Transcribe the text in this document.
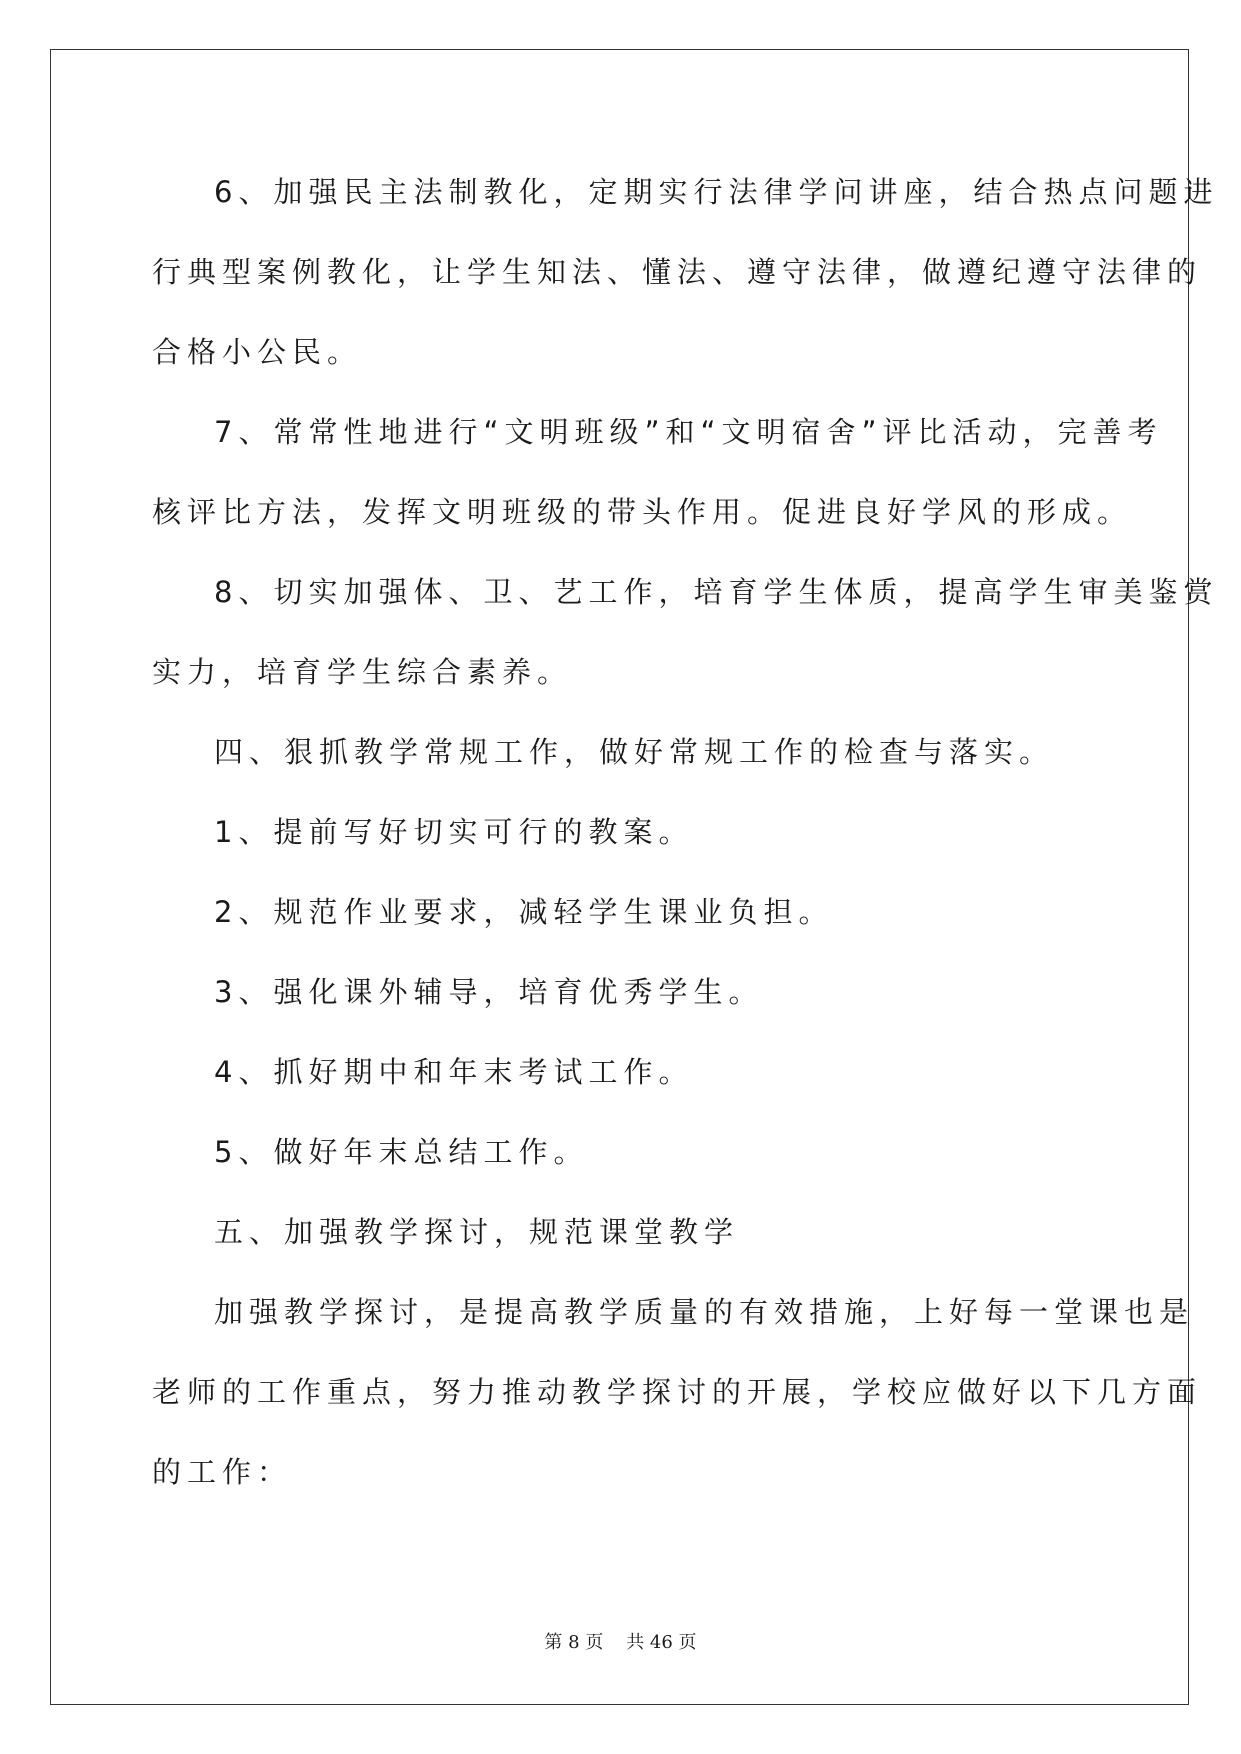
6、加强民主法制教化，定期实行法律学问讲座，结合热点问题进
行典型案例教化，让学生知法、懂法、遵守法律，做遵纪遵守法律的
合格小公民。
7、常常性地进行“文明班级”和“文明宿舍”评比活动，完善考
核评比方法，发挥文明班级的带头作用。促进良好学风的形成。
8、切实加强体、卫、艺工作，培育学生体质，提高学生审美鉴赏
实力，培育学生综合素养。
四、狠抓教学常规工作，做好常规工作的检查与落实。
1、提前写好切实可行的教案。
2、规范作业要求，减轻学生课业负担。
3、强化课外辅导，培育优秀学生。
4、抓好期中和年末考试工作。
5、做好年末总结工作。
五、加强教学探讨，规范课堂教学
加强教学探讨，是提高教学质量的有效措施，上好每一堂课也是
老师的工作重点，努力推动教学探讨的开展，学校应做好以下几方面
的工作：
第 8 页    共 46 页
